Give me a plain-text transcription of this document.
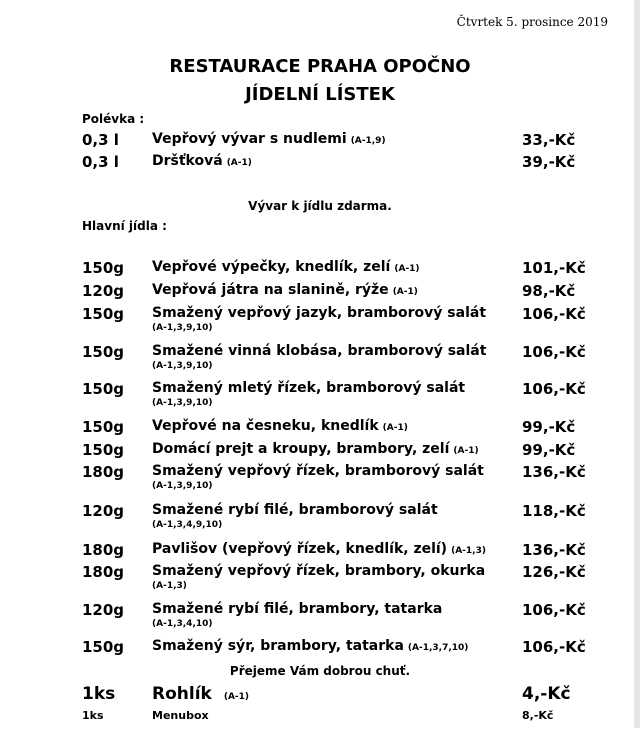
Čtvrtek 5. prosince 2019
RESTAURACE PRAHA OPOČNO
JÍDELNÍ LÍSTEK
Polévka :
0,3 l Vepřový vývar s nudlemi (A-1,9)	33,-Kč
0,3 l Dršťková (A-1)	39,-Kč
Vývar k jídlu zdarma.
Hlavní jídla :
150g Vepřové výpečky, knedlík, zelí (A-1)	101,-Kč
120g Vepřová játra na slanině, rýže (A-1)	98,-Kč
150g Smažený vepřový jazyk, bramborový salát 106,-Kč
(A-1,3,9,10)
150g Smažené vinná klobása, bramborový salát 106,-Kč
(A-1,3,9,10)
150g Smažený mletý řízek, bramborový salát	106,-Kč
(A-1,3,9,10)
150g Vepřové na česneku, knedlík (A-1)	99,-Kč
150g Domácí prejt a kroupy, brambory, zelí (A-1)	99,-Kč
180g Smažený vepřový řízek, bramborový salát	136,-Kč
(A-1,3,9,10)
120g Smažené rybí filé, bramborový salát	118,-Kč
(A-1,3,4,9,10)
180g Pavlišov (vepřový řízek, knedlík, zelí) (A-1,3) 136,-Kč
180g Smažený vepřový řízek, brambory, okurka 126,-Kč
(A-1,3)
120g Smažené rybí filé, brambory, tatarka	106,-Kč
(A-1,3,4,10)
150g Smažený sýr, brambory, tatarka (A-1,3,7,10)	106,-Kč
Přejeme Vám dobrou chuť.
1ks Rohlík (A-1)	4,-Kč
1ks	Menubox	8,-Kč
